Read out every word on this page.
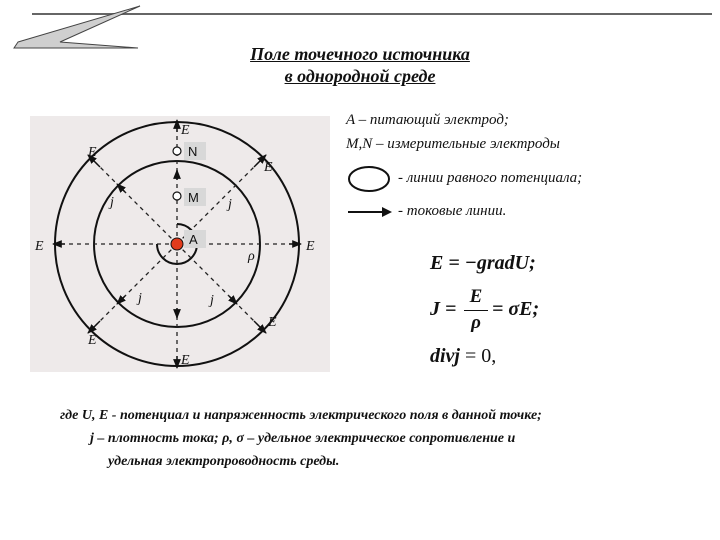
Поле точечного источника
в однородной среде
E
E
E
E	E
E
E
E
j	j
j	j
ρ
N
M
A
A – питающий электрод;
M,N – измерительные электроды
- линии равного потенциала;
- токовые линии.
E = −gradU;
J =
E
ρ
= σE;
divj = 0,
где U, E - потенциал и напряженность электрического поля в данной точке;
j – плотность тока; ρ, σ – удельное электрическое сопротивление и
удельная электропроводность среды.
